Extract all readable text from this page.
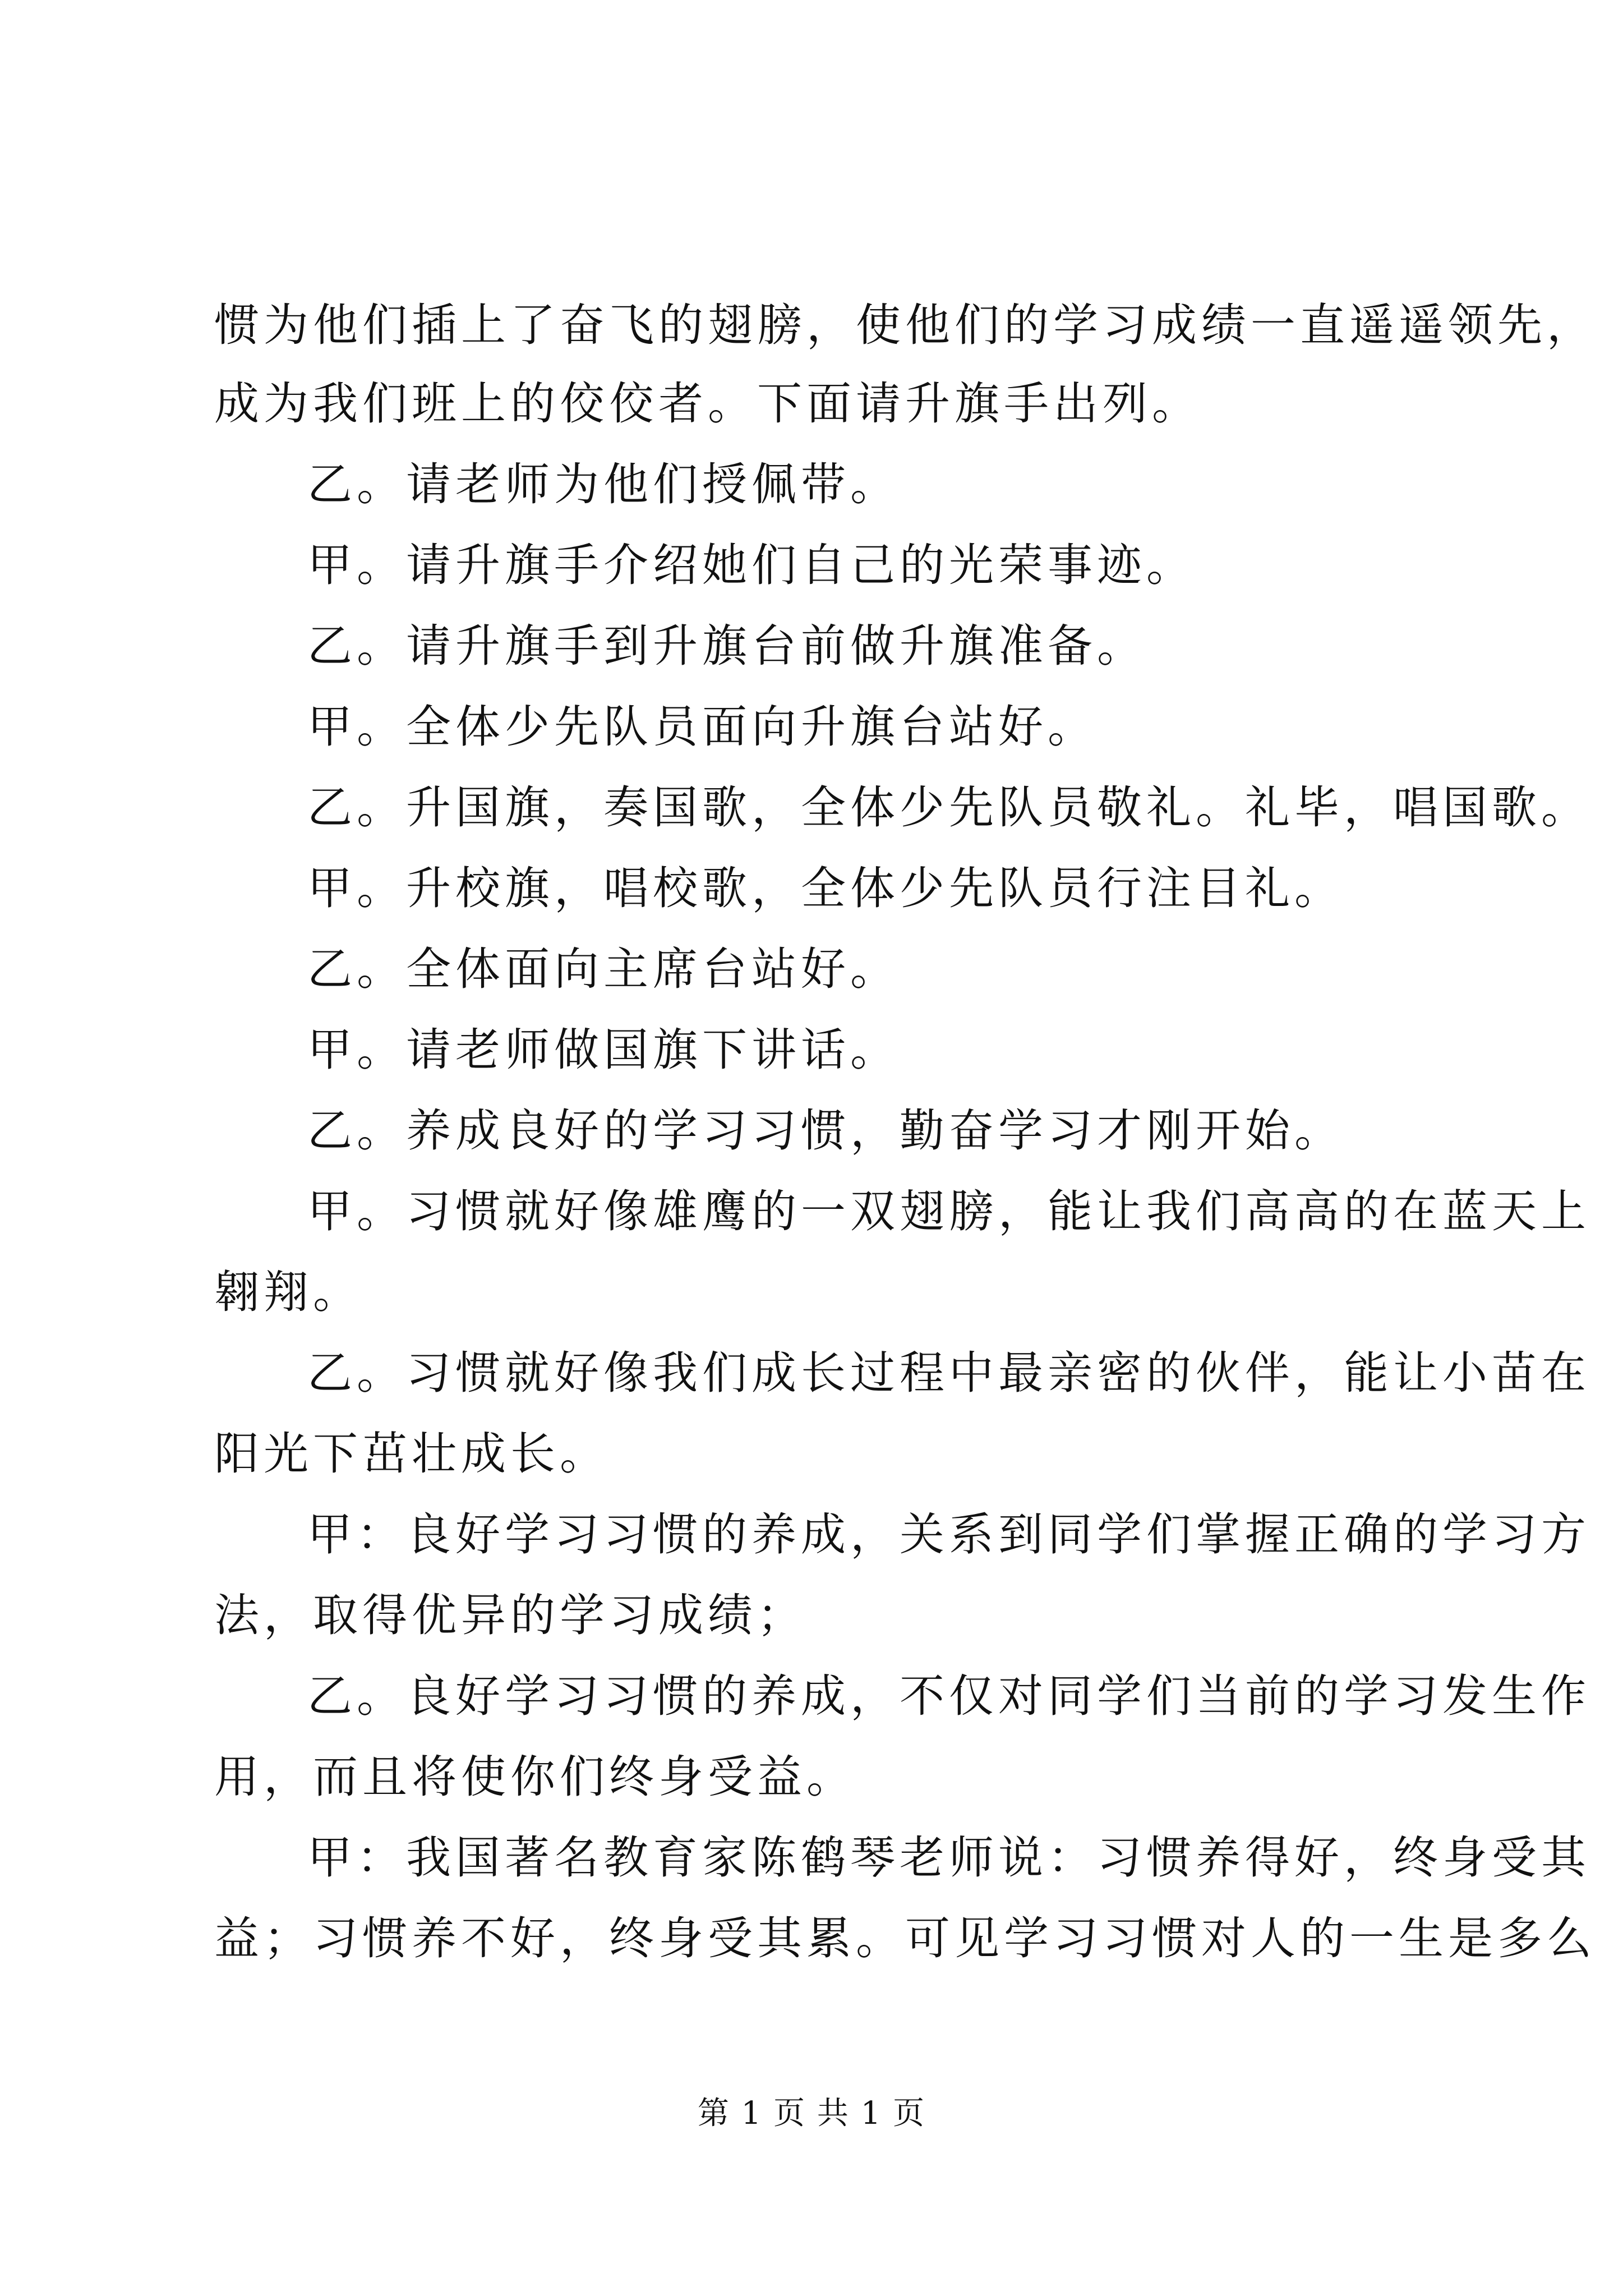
惯为他们插上了奋飞的翅膀，使他们的学习成绩一直遥遥领先，
成为我们班上的佼佼者。下面请升旗手出列。
乙。请老师为他们授佩带。
甲。请升旗手介绍她们自己的光荣事迹。
乙。请升旗手到升旗台前做升旗准备。
甲。全体少先队员面向升旗台站好。
乙。升国旗，奏国歌，全体少先队员敬礼。礼毕，唱国歌。
甲。升校旗，唱校歌，全体少先队员行注目礼。
乙。全体面向主席台站好。
甲。请老师做国旗下讲话。
乙。养成良好的学习习惯，勤奋学习才刚开始。
甲。习惯就好像雄鹰的一双翅膀，能让我们高高的在蓝天上
翱翔。
乙。习惯就好像我们成长过程中最亲密的伙伴，能让小苗在
阳光下茁壮成长。
甲：良好学习习惯的养成，关系到同学们掌握正确的学习方
法，取得优异的学习成绩；
乙。良好学习习惯的养成，不仅对同学们当前的学习发生作
用，而且将使你们终身受益。
甲：我国著名教育家陈鹤琴老师说：习惯养得好，终身受其
益；习惯养不好，终身受其累。可见学习习惯对人的一生是多么
第 1 页 共 1 页
